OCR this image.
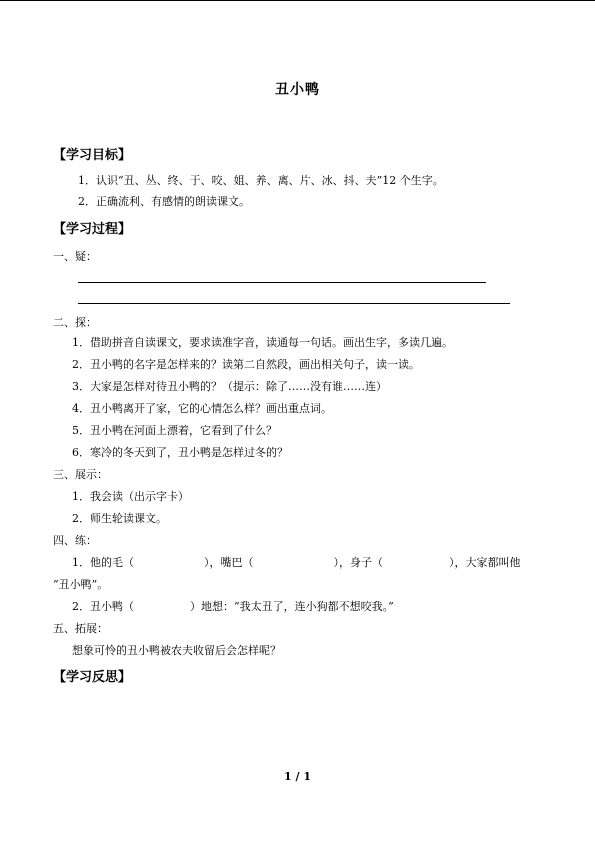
丑小鸭
【学习目标】
1．认识“丑、丛、终、于、咬、姐、养、离、片、冰、抖、夫”12 个生字。
2．正确流利、有感情的朗读课文。
【学习过程】
一、疑：
二、探：
1．借助拼音自读课文，要求读准字音，读通每一句话。画出生字，多读几遍。
2．丑小鸭的名字是怎样来的？读第二自然段，画出相关句子，读一读。
3．大家是怎样对待丑小鸭的？（提示：除了……没有谁……连）
4．丑小鸭离开了家，它的心情怎么样？画出重点词。
5．丑小鸭在河面上漂着，它看到了什么？
6．寒冷的冬天到了，丑小鸭是怎样过冬的？
三、展示：
1．我会读（出示字卡）
2．师生轮读课文。
四、练：
1．他的毛（	），嘴巴（	），身子（	），大家都叫他
“丑小鸭”。
2．丑小鸭（	）地想：“我太丑了，连小狗都不想咬我。”
五、拓展：
想象可怜的丑小鸭被农夫收留后会怎样呢？
【学习反思】
1 / 1
